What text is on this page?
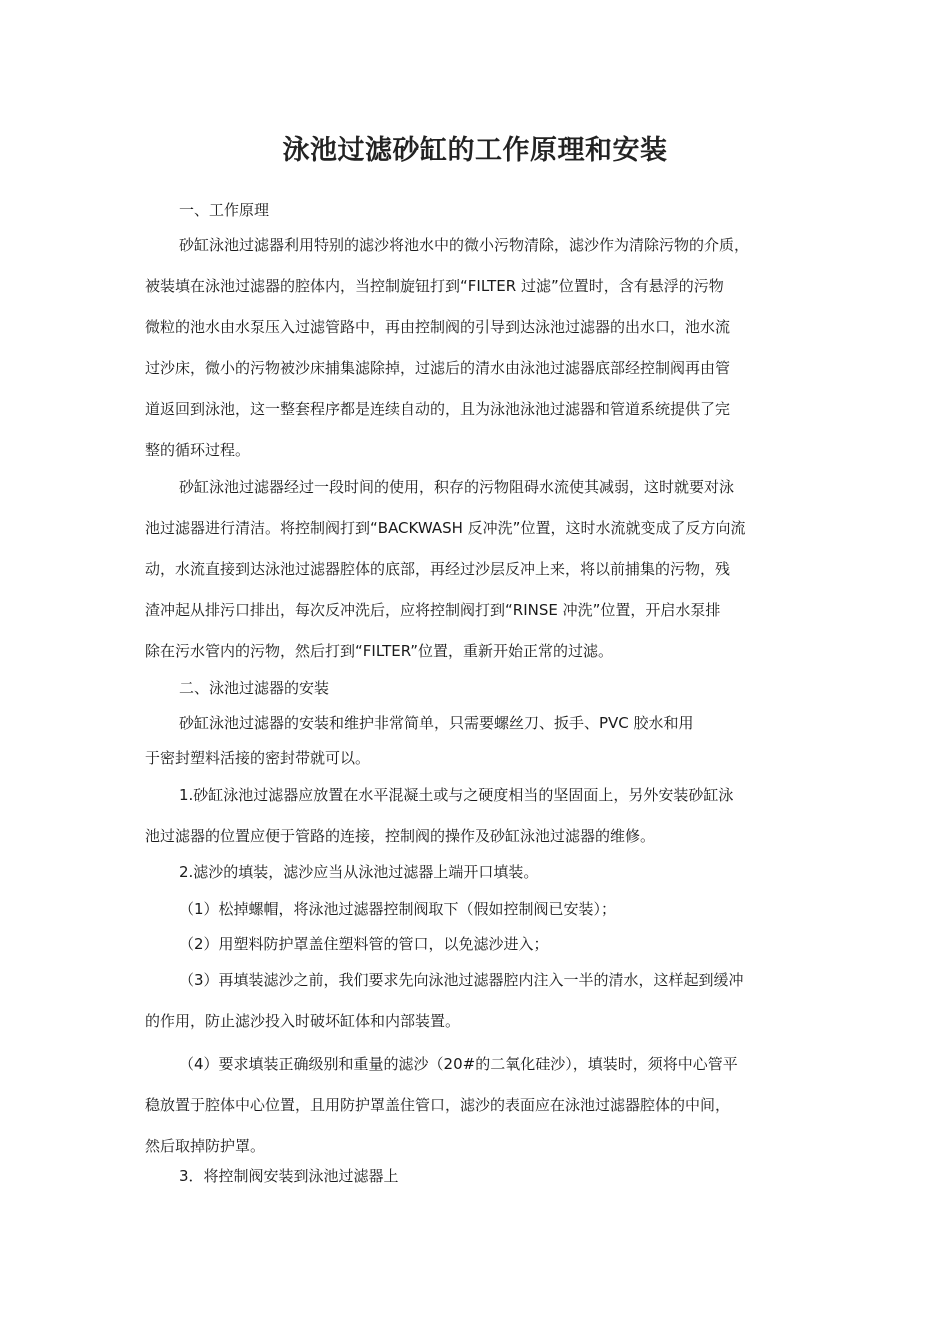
泳池过滤砂缸的工作原理和安装
一、工作原理
砂缸泳池过滤器利用特别的滤沙将池水中的微小污物清除，滤沙作为清除污物的介质，
被装填在泳池过滤器的腔体内，当控制旋钮打到“FILTER 过滤”位置时，含有悬浮的污物
微粒的池水由水泵压入过滤管路中，再由控制阀的引导到达泳池过滤器的出水口，池水流
过沙床，微小的污物被沙床捕集滤除掉，过滤后的清水由泳池过滤器底部经控制阀再由管
道返回到泳池，这一整套程序都是连续自动的，且为泳池泳池过滤器和管道系统提供了完
整的循环过程。
砂缸泳池过滤器经过一段时间的使用，积存的污物阻碍水流使其减弱，这时就要对泳
池过滤器进行清洁。将控制阀打到“BACKWASH 反冲洗”位置，这时水流就变成了反方向流
动，水流直接到达泳池过滤器腔体的底部，再经过沙层反冲上来，将以前捕集的污物，残
渣冲起从排污口排出，每次反冲洗后，应将控制阀打到“RINSE 冲洗”位置，开启水泵排
除在污水管内的污物，然后打到“FILTER”位置，重新开始正常的过滤。
二、泳池过滤器的安装
砂缸泳池过滤器的安装和维护非常简单，只需要螺丝刀、扳手、PVC 胶水和用
于密封塑料活接的密封带就可以。
1.砂缸泳池过滤器应放置在水平混凝土或与之硬度相当的坚固面上，另外安装砂缸泳
池过滤器的位置应便于管路的连接，控制阀的操作及砂缸泳池过滤器的维修。
2.滤沙的填装，滤沙应当从泳池过滤器上端开口填装。
（1）松掉螺帽，将泳池过滤器控制阀取下（假如控制阀已安装）；
（2）用塑料防护罩盖住塑料管的管口，以免滤沙进入；
（3）再填装滤沙之前，我们要求先向泳池过滤器腔内注入一半的清水，这样起到缓冲
的作用，防止滤沙投入时破坏缸体和内部装置。
（4）要求填装正确级别和重量的滤沙（20#的二氧化硅沙），填装时，须将中心管平
稳放置于腔体中心位置，且用防护罩盖住管口，滤沙的表面应在泳池过滤器腔体的中间，
然后取掉防护罩。
3．将控制阀安装到泳池过滤器上
